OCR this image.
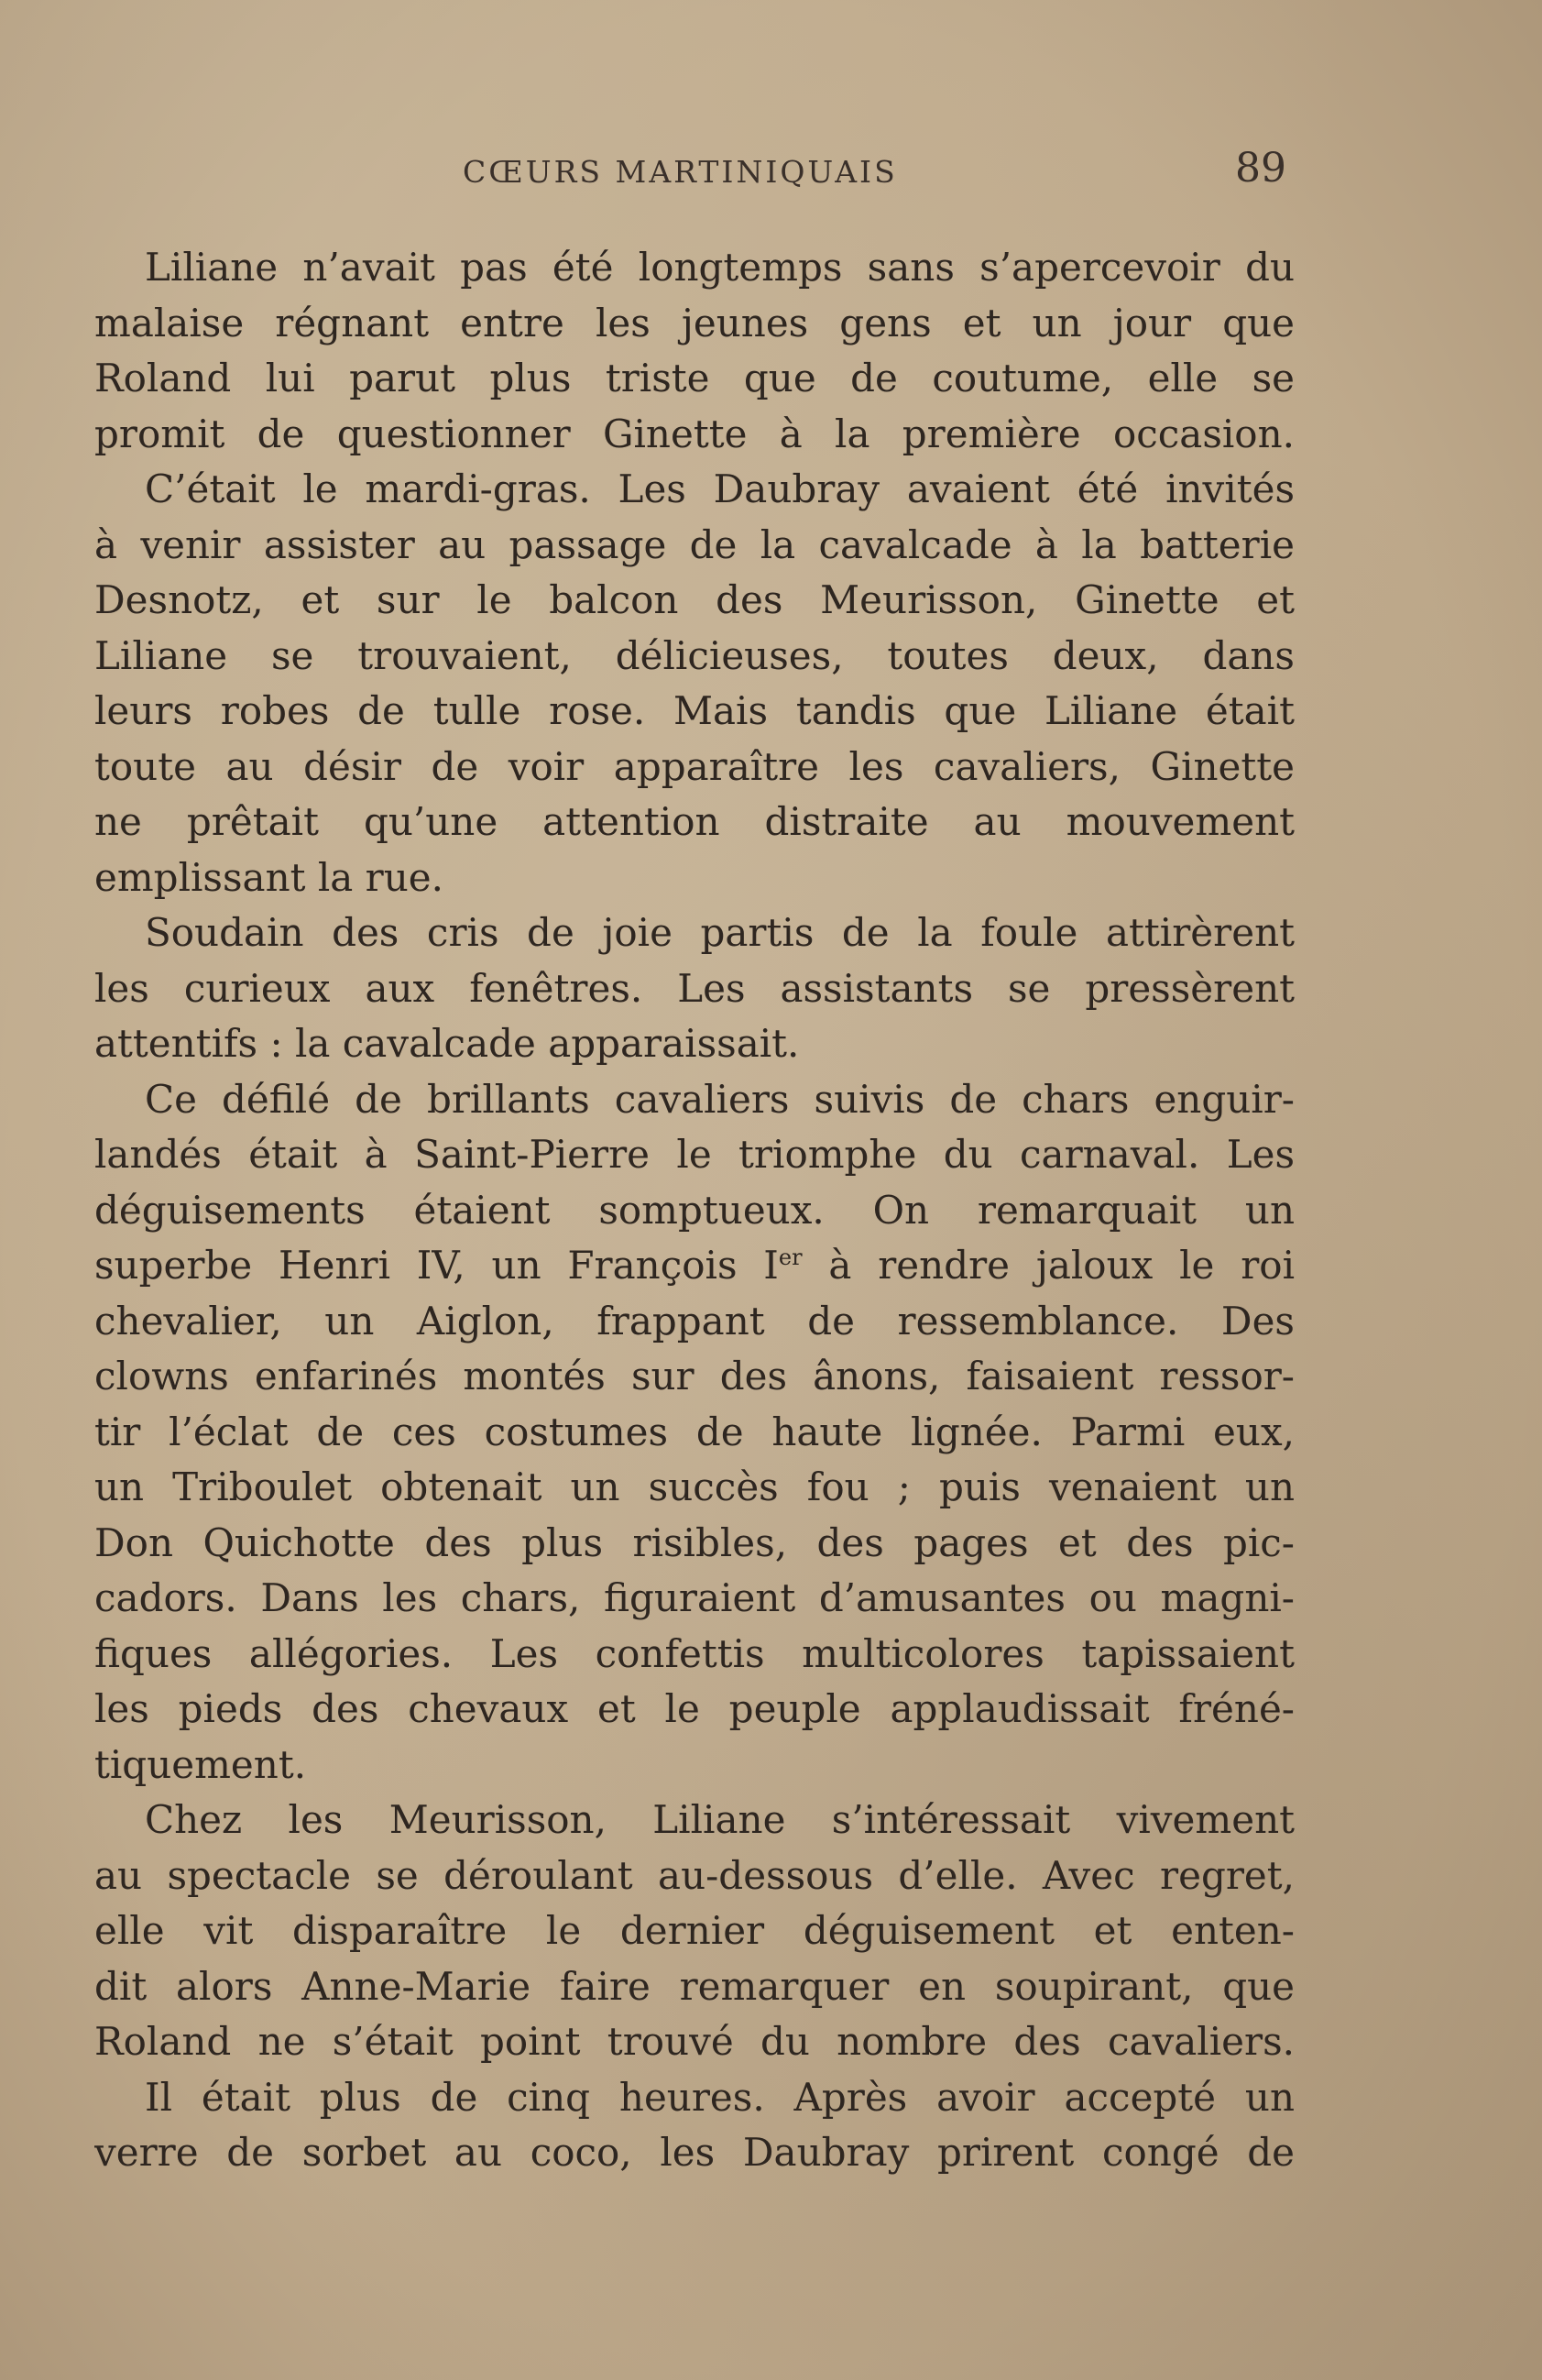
CŒURS MARTINIQUAIS	89
Liliane n’avait pas été longtemps sans s’apercevoir du
malaise régnant entre les jeunes gens et un jour que
Roland lui parut plus triste que de coutume, elle se
promit de questionner Ginette à la première occasion.
C’était le mardi-gras. Les Daubray avaient été invités
à venir assister au passage de la cavalcade à la batterie
Desnotz, et sur le balcon des Meurisson, Ginette et
Liliane se trouvaient, délicieuses, toutes deux, dans
leurs robes de tulle rose. Mais tandis que Liliane était
toute au désir de voir apparaître les cavaliers, Ginette
ne prêtait qu’une attention distraite au mouvement
emplissant la rue.
Soudain des cris de joie partis de la foule attirèrent
les curieux aux fenêtres. Les assistants se pressèrent
attentifs : la cavalcade apparaissait.
Ce défilé de brillants cavaliers suivis de chars enguir-
landés était à Saint-Pierre le triomphe du carnaval. Les
déguisements étaient somptueux. On remarquait un
superbe Henri IV, un François Ier à rendre jaloux le roi
chevalier, un Aiglon, frappant de ressemblance. Des
clowns enfarinés montés sur des ânons, faisaient ressor-
tir l’éclat de ces costumes de haute lignée. Parmi eux,
un Triboulet obtenait un succès fou ; puis venaient un
Don Quichotte des plus risibles, des pages et des pic-
cadors. Dans les chars, figuraient d’amusantes ou magni-
fiques allégories. Les confettis multicolores tapissaient
les pieds des chevaux et le peuple applaudissait fréné-
tiquement.
Chez les Meurisson, Liliane s’intéressait vivement
au spectacle se déroulant au-dessous d’elle. Avec regret,
elle vit disparaître le dernier déguisement et enten-
dit alors Anne-Marie faire remarquer en soupirant, que
Roland ne s’était point trouvé du nombre des cavaliers.
Il était plus de cinq heures. Après avoir accepté un
verre de sorbet au coco, les Daubray prirent congé de
